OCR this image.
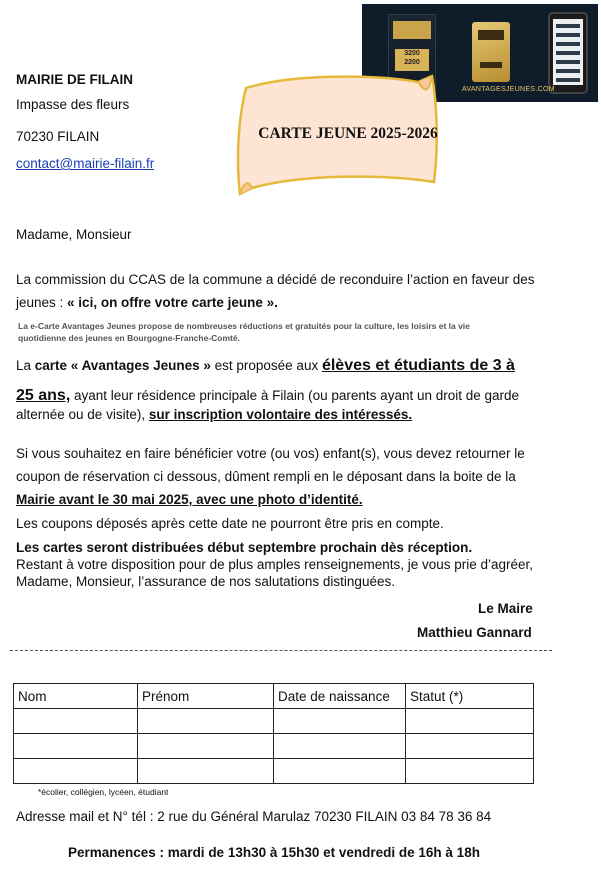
3200
2200
AVANTAGESJEUNES.COM
MAIRIE DE FILAIN
Impasse des fleurs
70230 FILAIN
contact@mairie-filain.fr
CARTE JEUNE 2025-2026
Madame, Monsieur
La commission du CCAS de la commune a décidé de reconduire l’action en faveur des
jeunes : « ici, on offre votre carte jeune ».
La e-Carte Avantages Jeunes propose de nombreuses réductions et gratuités pour la culture, les loisirs et la vie
quotidienne des jeunes en Bourgogne-Franche-Comté.
La carte « Avantages Jeunes » est proposée aux élèves et étudiants de 3 à
25 ans, ayant leur résidence principale à Filain (ou parents ayant un droit de garde
alternée ou de visite), sur inscription volontaire des intéressés.
Si vous souhaitez en faire bénéficier votre (ou vos) enfant(s), vous devez retourner le
coupon de réservation ci dessous, dûment rempli en le déposant dans la boite de la
Mairie avant le 30 mai 2025, avec une photo d’identité.
Les coupons déposés après cette date ne pourront être pris en compte.
Les cartes seront distribuées début septembre prochain dès réception.
Restant à votre disposition pour de plus amples renseignements, je vous prie d’agréer,
Madame, Monsieur, l’assurance de nos salutations distinguées.
Le Maire
Matthieu Gannard
Nom	Prénom	Date de naissance	Statut (*)

*écolier, collégien, lycéen, étudiant
Adresse mail et N° tél : 2 rue du Général Marulaz 70230 FILAIN 03 84 78 36 84
Permanences : mardi de 13h30 à 15h30 et vendredi de 16h à 18h
